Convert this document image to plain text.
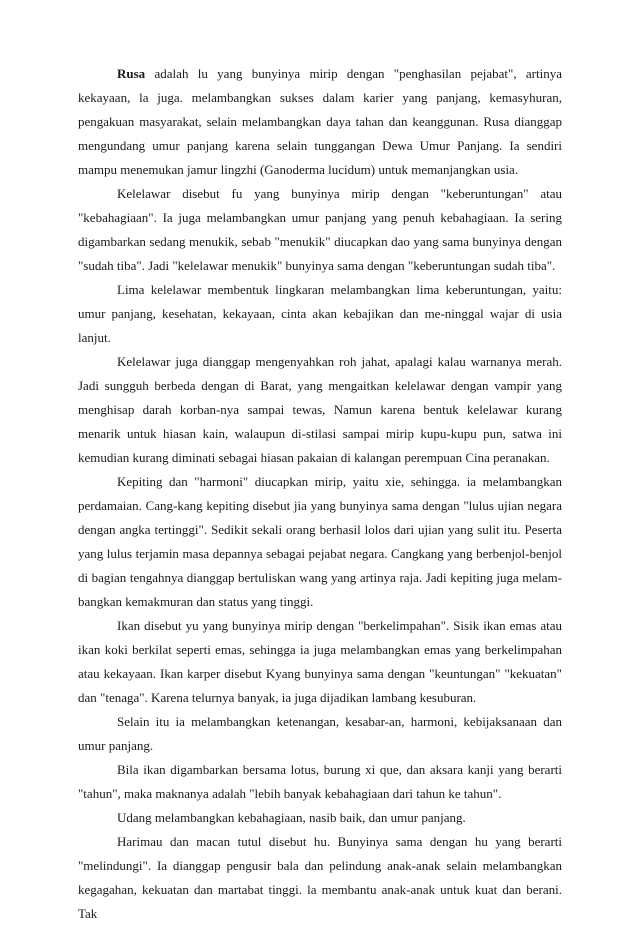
Rusa adalah lu yang bunyinya mirip dengan "penghasilan pejabat", artinya kekayaan, la juga. melambangkan sukses dalam karier yang panjang, kemasyhuran, pengakuan masyarakat, selain melambangkan daya tahan dan keanggunan. Rusa dianggap mengundang umur panjang karena selain tunggangan Dewa Umur Panjang. Ia sendiri mampu menemukan jamur lingzhi (Ganoderma lucidum) untuk memanjangkan usia.

Kelelawar disebut fu yang bunyinya mirip dengan "keberuntungan" atau "kebahagiaan". Ia juga melambangkan umur panjang yang penuh kebahagiaan. Ia sering digambarkan sedang menukik, sebab "menukik" diucapkan dao yang sama bunyinya dengan "sudah tiba". Jadi "kelelawar menukik" bunyinya sama dengan "keberuntungan sudah tiba".

Lima kelelawar membentuk lingkaran melambangkan lima keberuntungan, yaitu: umur panjang, kesehatan, kekayaan, cinta akan kebajikan dan me-ninggal wajar di usia lanjut.

Kelelawar juga dianggap mengenyahkan roh jahat, apalagi kalau warnanya merah. Jadi sungguh berbeda dengan di Barat, yang mengaitkan kelelawar dengan vampir yang menghisap darah korban-nya sampai tewas, Namun karena bentuk kelelawar kurang menarik untuk hiasan kain, walaupun di-stilasi sampai mirip kupu-kupu pun, satwa ini kemudian kurang diminati sebagai hiasan pakaian di kalangan perempuan Cina peranakan.

Kepiting dan "harmoni" diucapkan mirip, yaitu xie, sehingga. ia melambangkan perdamaian. Cang-kang kepiting disebut jia yang bunyinya sama dengan "lulus ujian negara dengan angka tertinggi". Sedikit sekali orang berhasil lolos dari ujian yang sulit itu. Peserta yang lulus terjamin masa depannya sebagai pejabat negara. Cangkang yang berbenjol-benjol di bagian tengahnya dianggap bertuliskan wang yang artinya raja. Jadi kepiting juga melam-bangkan kemakmuran dan status yang tinggi.

Ikan disebut yu yang bunyinya mirip dengan "berkelimpahan". Sisik ikan emas atau ikan koki berkilat seperti emas, sehingga ia juga melambangkan emas yang berkelimpahan atau kekayaan. Ikan karper disebut Kyang bunyinya sama dengan "keuntungan" "kekuatan" dan "tenaga". Karena telurnya banyak, ia juga dijadikan lambang kesuburan.

Selain itu ia melambangkan ketenangan, kesabar-an, harmoni, kebijaksanaan dan umur panjang.

Bila ikan digambarkan bersama lotus, burung xi que, dan aksara kanji yang berarti "tahun", maka maknanya adalah "lebih banyak kebahagiaan dari tahun ke tahun".

Udang melambangkan kebahagiaan, nasib baik, dan umur panjang.

Harimau dan macan tutul disebut hu. Bunyinya sama dengan hu yang berarti "melindungi". Ia dianggap pengusir bala dan pelindung anak-anak selain melambangkan kegagahan, kekuatan dan martabat tinggi. la membantu anak-anak untuk kuat dan berani. Tak
